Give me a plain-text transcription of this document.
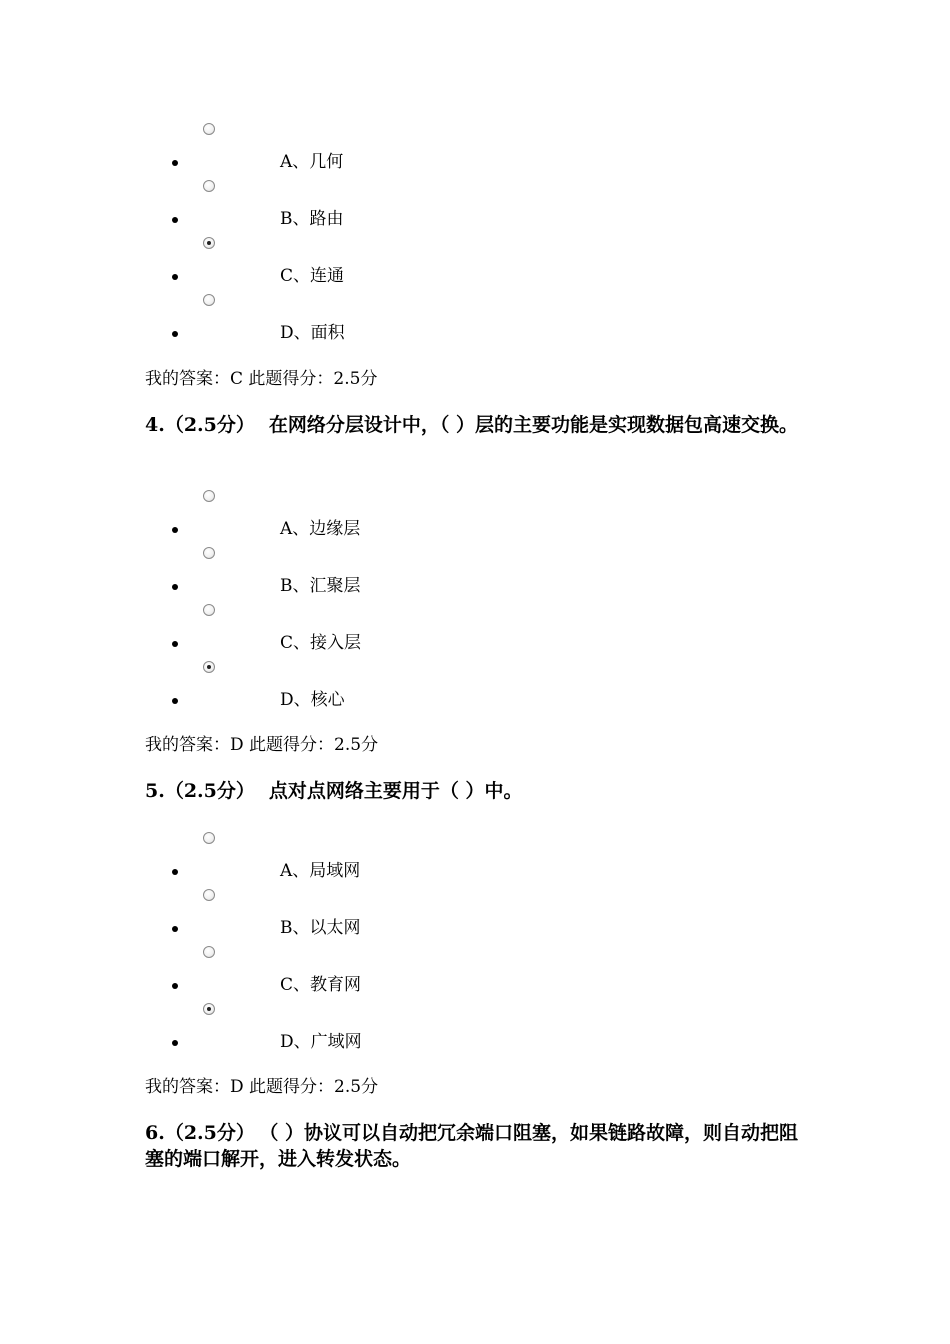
A、几何
B、路由
C、连通
D、面积
我的答案：C 此题得分：2.5分
4.（2.5分） 在网络分层设计中，（ ）层的主要功能是实现数据包高速交换。
A、边缘层
B、汇聚层
C、接入层
D、核心
我的答案：D 此题得分：2.5分
5.（2.5分） 点对点网络主要用于（ ）中。
A、局域网
B、以太网
C、教育网
D、广域网
我的答案：D 此题得分：2.5分
6.（2.5分） （ ）协议可以自动把冗余端口阻塞，如果链路故障，则自动把阻塞的端口解开，进入转发状态。
